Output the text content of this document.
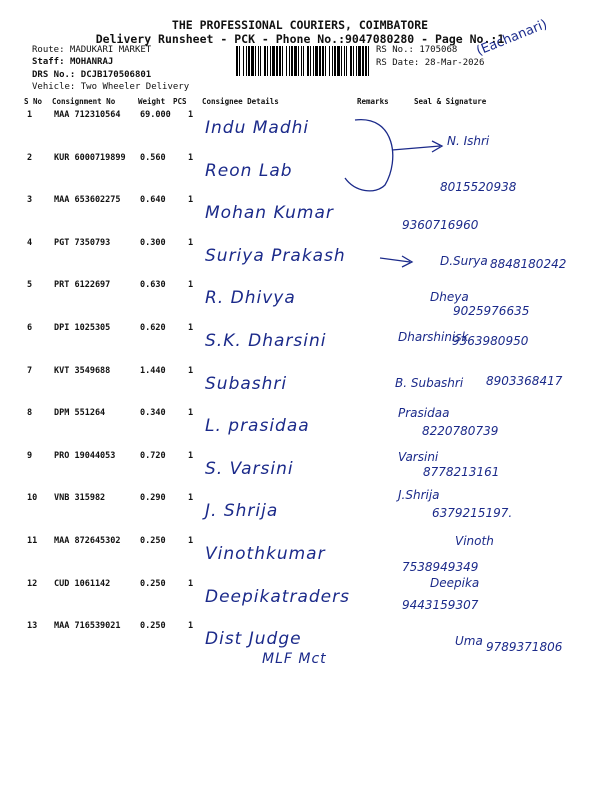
THE PROFESSIONAL COURIERS, COIMBATORE
Delivery Runsheet - PCK - Phone No.:9047080280 - Page No.:1
Route: MADUKARI MARKET
Staff: MOHANRAJ
DRS No.: DCJB170506801
Vehicle: Two Wheeler Delivery
RS No.: 1705068
RS Date: 28-Mar-2026
(Eachanari)
S No Consignment No	Weight PCS Consignee Details	Remarks	Seal & Signature
1	MAA 712310564 69.000 1
Indu Madhi
N. Ishri
2	KUR 6000719899 0.560	1
Reon Lab
8015520938
3	MAA 653602275 0.640	1
Mohan Kumar
9360716960
4	PGT 7350793	0.300	1
Suriya Prakash	D.Surya 8848180242
5	PRT 6122697	0.630	1
R. Dhivya	Dheya
9025976635
6	DPI 1025305	0.620	1
S.K. Dharsini	Dharshinisk
9363980950
7	KVT 3549688	1.440	1
Subashri	B. Subashri 8903368417
8	DPM 551264	0.340	1
L. prasidaa
Prasidaa
8220780739
9	PRO 19044053	0.720	1
S. Varsini
Varsini
8778213161
10 VNB 315982	0.290	1
J. Shrija
J.Shrija
6379215197.
11 MAA 872645302 0.250	1
Vinothkumar
Vinoth
7538949349
12 CUD 1061142	0.250	1
Deepikatraders
Deepika
9443159307
13 MAA 716539021 0.250	1
Dist Judge
MLF Mct
Uma 9789371806
